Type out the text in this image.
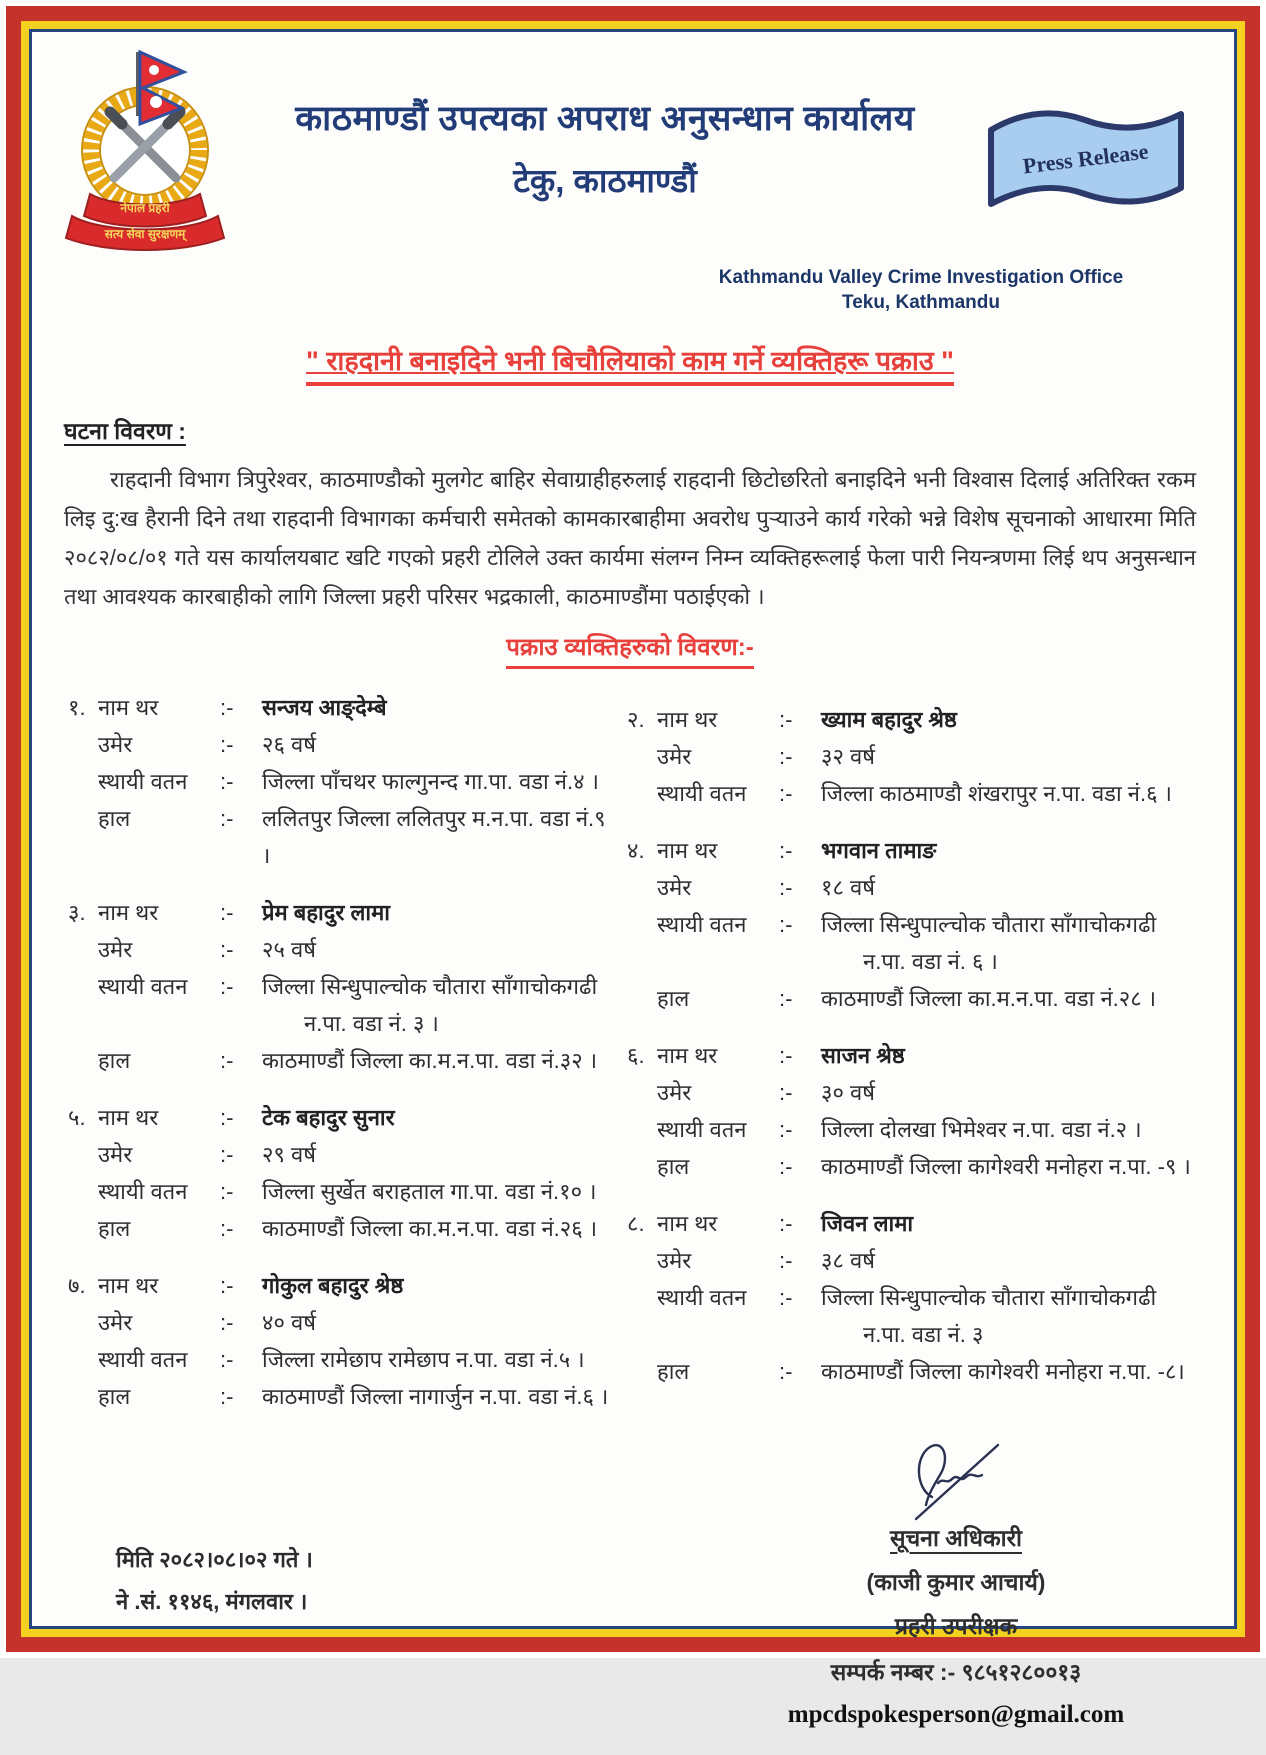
नेपाल प्रहरी
सत्य सेवा सुरक्षणम्
काठमाण्डौं उपत्यका अपराध अनुसन्धान कार्यालय
टेकु, काठमाण्डौं
Press Release
Kathmandu Valley Crime Investigation Office
Teku, Kathmandu
" राहदानी बनाइदिने भनी बिचौलियाको काम गर्ने व्यक्तिहरू पक्राउ "
घटना विवरण :
राहदानी विभाग त्रिपुरेश्वर, काठमाण्डौको मुलगेट बाहिर सेवाग्राहीहरुलाई राहदानी छिटोछरितो बनाइदिने भनी विश्वास दिलाई अतिरिक्त रकम लिइ दु:ख हैरानी दिने तथा राहदानी विभागका कर्मचारी समेतको कामकारबाहीमा अवरोध पुऱ्याउने कार्य गरेको भन्ने विशेष सूचनाको आधारमा मिति २०८२/०८/०१ गते यस कार्यालयबाट खटि गएको प्रहरी टोलिले उक्त कार्यमा संलग्न निम्न व्यक्तिहरूलाई फेला पारी नियन्त्रणमा लिई थप अनुसन्धान तथा आवश्यक कारबाहीको लागि जिल्ला प्रहरी परिसर भद्रकाली, काठमाण्डौंमा पठाईएको ।
पक्राउ व्यक्तिहरुको विवरण:-
१. नाम थर	:-	सन्जय आङ्देम्बे
उमेर	:-	२६ वर्ष
स्थायी वतन	:-	जिल्ला पाँचथर फाल्गुनन्द गा.पा. वडा नं.४ ।
हाल	:-	ललितपुर जिल्ला ललितपुर म.न.पा. वडा नं.९ ।
३. नाम थर	:-	प्रेम बहादुर लामा
उमेर	:-	२५ वर्ष
स्थायी वतन	:-	जिल्ला सिन्धुपाल्चोक चौतारा साँगाचोकगढी
न.पा. वडा नं. ३ ।
हाल	:-	काठमाण्डौं जिल्ला का.म.न.पा. वडा नं.३२ ।
५. नाम थर	:-	टेक बहादुर सुनार
उमेर	:-	२९ वर्ष
स्थायी वतन	:-	जिल्ला सुर्खेत बराहताल गा.पा. वडा नं.१० ।
हाल	:-	काठमाण्डौं जिल्ला का.म.न.पा. वडा नं.२६ ।
७. नाम थर	:-	गोकुल बहादुर श्रेष्ठ
उमेर	:-	४० वर्ष
स्थायी वतन	:-	जिल्ला रामेछाप रामेछाप न.पा. वडा नं.५ ।
हाल	:-	काठमाण्डौं जिल्ला नागार्जुन न.पा. वडा नं.६ ।
२. नाम थर	:-	ख्याम बहादुर श्रेष्ठ
उमेर	:-	३२ वर्ष
स्थायी वतन	:-	जिल्ला काठमाण्डौ शंखरापुर न.पा. वडा नं.६ ।
४. नाम थर	:-	भगवान तामाङ
उमेर	:-	१८ वर्ष
स्थायी वतन	:-	जिल्ला सिन्धुपाल्चोक चौतारा साँगाचोकगढी
न.पा. वडा नं. ६ ।
हाल	:-	काठमाण्डौं जिल्ला का.म.न.पा. वडा नं.२८ ।
६. नाम थर	:-	साजन श्रेष्ठ
उमेर	:-	३० वर्ष
स्थायी वतन	:-	जिल्ला दोलखा भिमेश्वर न.पा. वडा नं.२ ।
हाल	:-	काठमाण्डौं जिल्ला कागेश्वरी मनोहरा न.पा. -९ ।
८. नाम थर	:-	जिवन लामा
उमेर	:-	३८ वर्ष
स्थायी वतन	:-	जिल्ला सिन्धुपाल्चोक चौतारा साँगाचोकगढी
न.पा. वडा नं. ३
हाल	:-	काठमाण्डौं जिल्ला कागेश्वरी मनोहरा न.पा. -८।
मिति २०८२।०८।०२ गते ।
ने .सं. ११४६, मंगलवार ।
सूचना अधिकारी
(काजी कुमार आचार्य)
प्रहरी उपरीक्षक
सम्पर्क नम्बर :- ९८५१२८००१३
mpcdspokesperson@gmail.com
